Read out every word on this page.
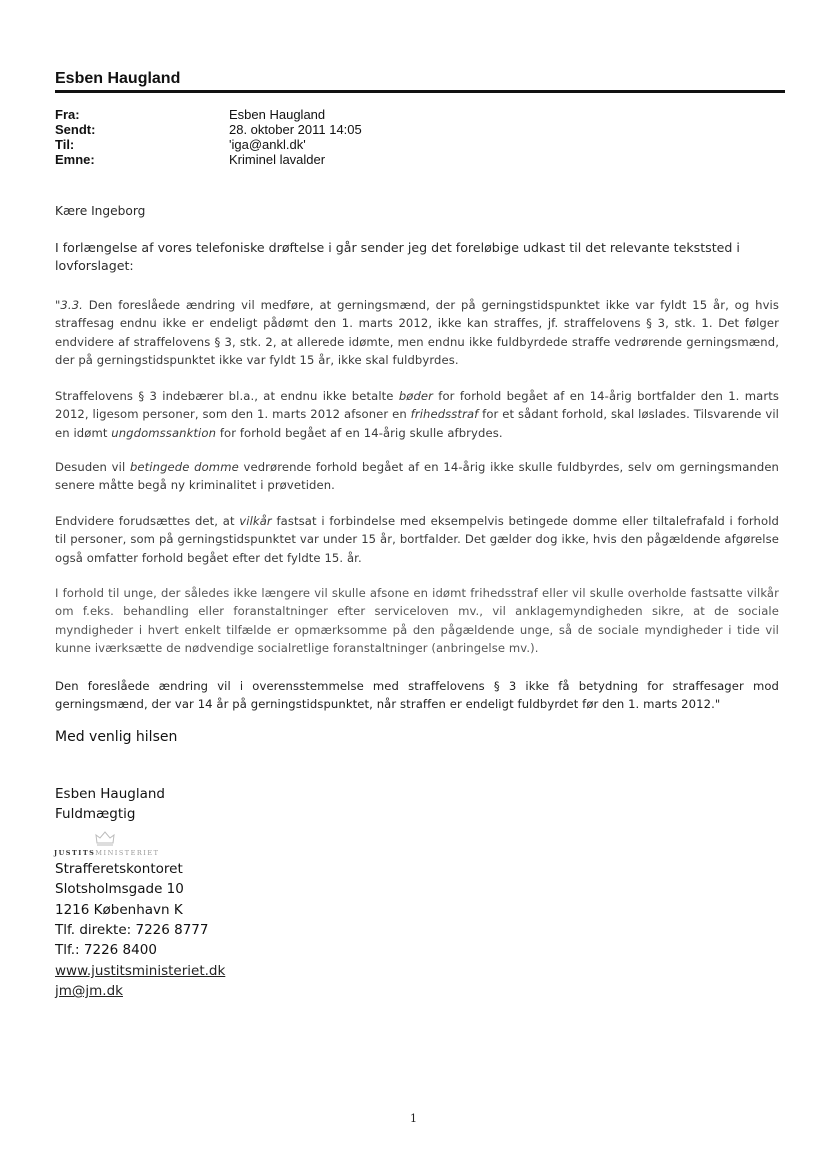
Esben Haugland
Fra:	Esben Haugland
Sendt:	28. oktober 2011 14:05
Til:	'iga@ankl.dk'
Emne:	Kriminel lavalder
Kære Ingeborg
I forlængelse af vores telefoniske drøftelse i går sender jeg det foreløbige udkast til det relevante tekststed i lovforslaget:

"3.3. Den foreslåede ændring vil medføre, at gerningsmænd, der på gerningstidspunktet ikke var fyldt 15 år, og hvis straffesag endnu ikke er endeligt pådømt den 1. marts 2012, ikke kan straffes, jf. straffelovens § 3, stk. 1. Det følger endvidere af straffelovens § 3, stk. 2, at allerede idømte, men endnu ikke fuldbyrdede straffe vedrørende gerningsmænd, der på gerningstidspunktet ikke var fyldt 15 år, ikke skal fuldbyrdes.

Straffelovens § 3 indebærer bl.a., at endnu ikke betalte bøder for forhold begået af en 14-årig bortfalder den 1. marts 2012, ligesom personer, som den 1. marts 2012 afsoner en frihedsstraf for et sådant forhold, skal løslades. Tilsvarende vil en idømt ungdomssanktion for forhold begået af en 14-årig skulle afbrydes.

Desuden vil betingede domme vedrørende forhold begået af en 14-årig ikke skulle fuldbyrdes, selv om gerningsmanden senere måtte begå ny kriminalitet i prøvetiden.

Endvidere forudsættes det, at vilkår fastsat i forbindelse med eksempelvis betingede domme eller tiltalefrafald i forhold til personer, som på gerningstidspunktet var under 15 år, bortfalder. Det gælder dog ikke, hvis den pågældende afgørelse også omfatter forhold begået efter det fyldte 15. år.

I forhold til unge, der således ikke længere vil skulle afsone en idømt frihedsstraf eller vil skulle overholde fastsatte vilkår om f.eks. behandling eller foranstaltninger efter serviceloven mv., vil anklagemyndigheden sikre, at de sociale myndigheder i hvert enkelt tilfælde er opmærksomme på den pågældende unge, så de sociale myndigheder i tide vil kunne iværksætte de nødvendige socialretlige foranstaltninger (anbringelse mv.).
Den foreslåede ændring vil i overensstemmelse med straffelovens § 3 ikke få betydning for straffesager mod gerningsmænd, der var 14 år på gerningstidspunktet, når straffen er endeligt fuldbyrdet før den 1. marts 2012."
Med venlig hilsen
Esben Haugland
Fuldmægtig
JUSTITSMINISTERIET
Strafferetskontoret
Slotsholmsgade 10
1216 København K
Tlf. direkte: 7226 8777
Tlf.: 7226 8400
www.justitsministeriet.dk
jm@jm.dk
1
